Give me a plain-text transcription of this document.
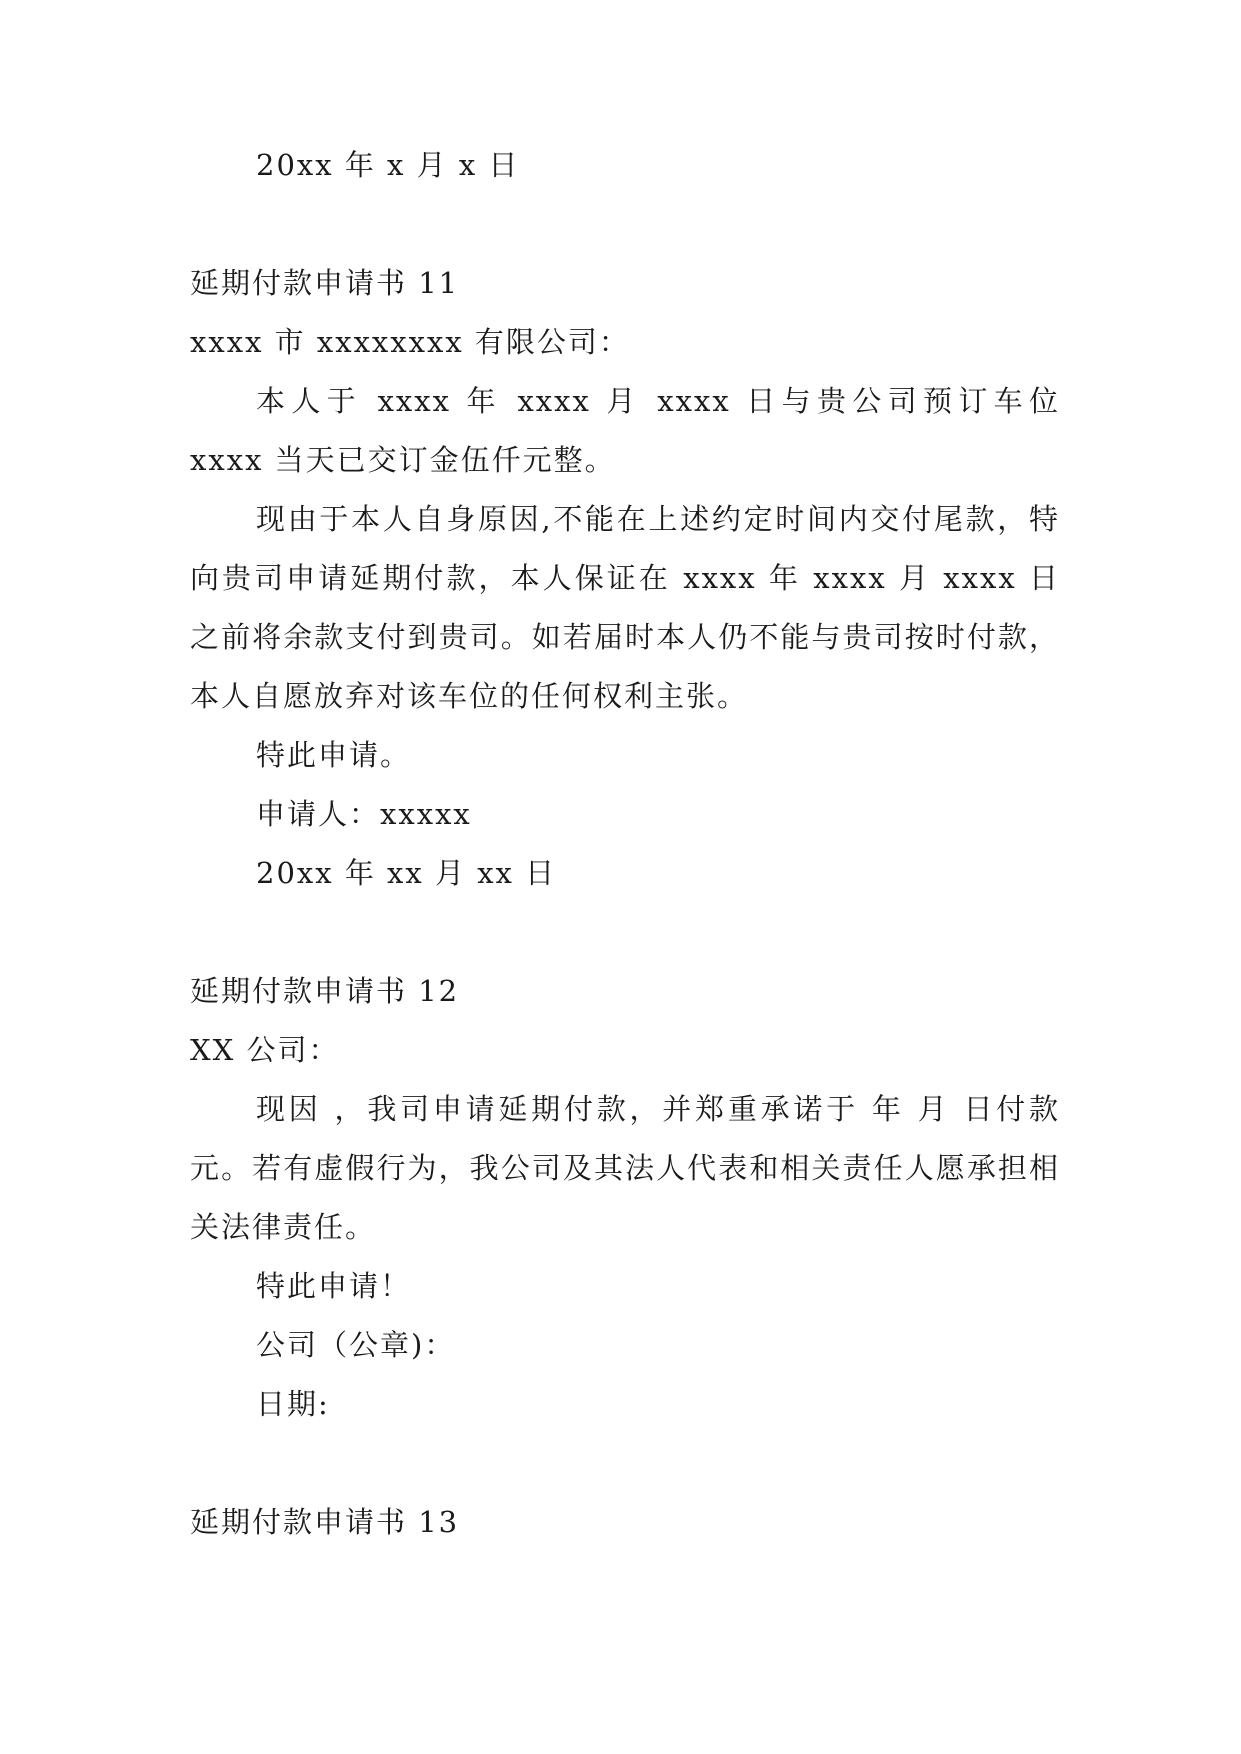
20xx 年 x 月 x 日

延期付款申请书 11

xxxx 市 xxxxxxxx 有限公司：

本人于 xxxx 年 xxxx 月 xxxx 日与贵公司预订车位 xxxx 当天已交订金伍仟元整。

现由于本人自身原因,不能在上述约定时间内交付尾款，特向贵司申请延期付款，本人保证在 xxxx 年 xxxx 月 xxxx 日之前将余款支付到贵司。如若届时本人仍不能与贵司按时付款，本人自愿放弃对该车位的任何权利主张。

特此申请。

申请人：xxxxx

20xx 年 xx 月 xx 日

延期付款申请书 12

XX 公司：

现因 ，我司申请延期付款，并郑重承诺于 年 月 日付款 元。若有虚假行为，我公司及其法人代表和相关责任人愿承担相关法律责任。

特此申请！

公司（公章)：

日期:

延期付款申请书 13
